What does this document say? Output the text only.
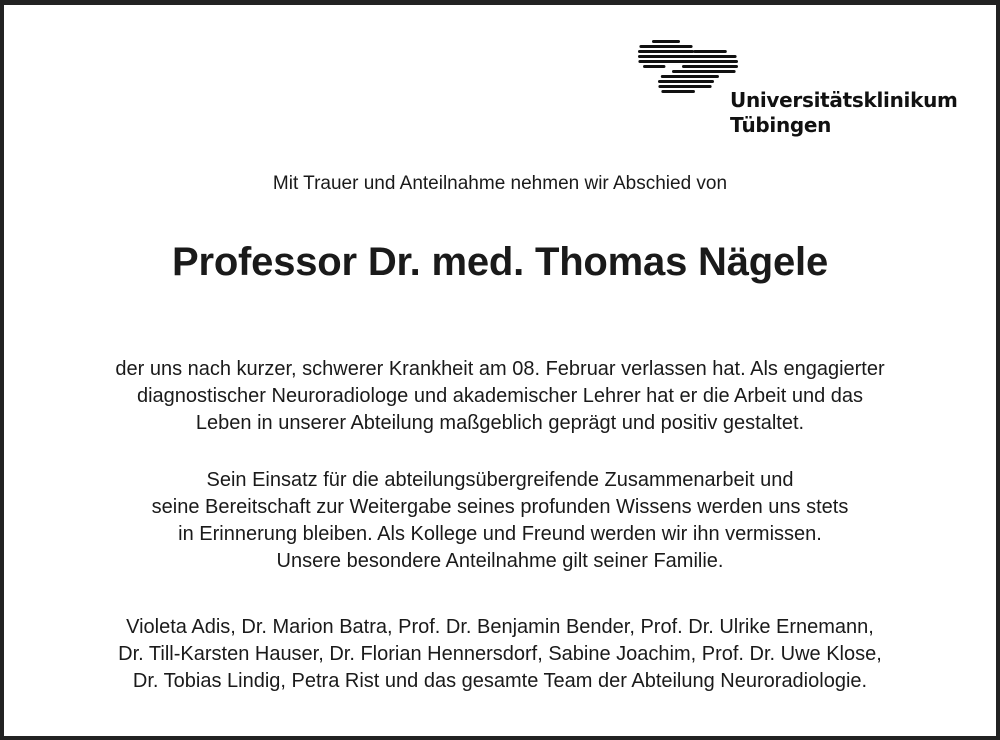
Universitätsklinikum
Tübingen
Mit Trauer und Anteilnahme nehmen wir Abschied von
Professor Dr. med. Thomas Nägele
der uns nach kurzer, schwerer Krankheit am 08. Februar verlassen hat. Als engagierter
diagnostischer Neuroradiologe und akademischer Lehrer hat er die Arbeit und das
Leben in unserer Abteilung maßgeblich geprägt und positiv gestaltet.
Sein Einsatz für die abteilungsübergreifende Zusammenarbeit und
seine Bereitschaft zur Weitergabe seines profunden Wissens werden uns stets
in Erinnerung bleiben. Als Kollege und Freund werden wir ihn vermissen.
Unsere besondere Anteilnahme gilt seiner Familie.
Violeta Adis, Dr. Marion Batra, Prof. Dr. Benjamin Bender, Prof. Dr. Ulrike Ernemann,
Dr. Till-Karsten Hauser, Dr. Florian Hennersdorf, Sabine Joachim, Prof. Dr. Uwe Klose,
Dr. Tobias Lindig, Petra Rist und das gesamte Team der Abteilung Neuroradiologie.
